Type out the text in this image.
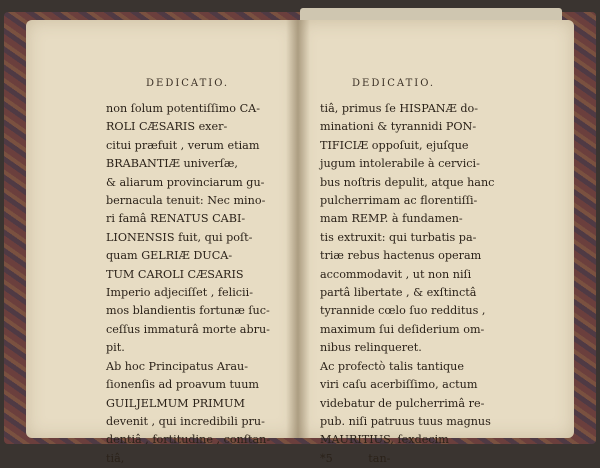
DEDICATIO.
non ſolum potentiſſimo CA-
ROLI CÆSARIS exer-
citui præfuit , verum etiam
BRABANTIÆ univerſæ,
& aliarum provinciarum gu-
bernacula tenuit: Nec mino-
ri famâ RENATUS CABI-
LIONENSIS fuit, qui poſt-
quam GELRIÆ DUCA-
TUM CAROLI CÆSARIS
Imperio adjeciſſet , felicii-
mos blandientis fortunæ ſuc-
ceſſus immaturâ morte abru-
pit.
Ab hoc Principatus Arau-
ſionenſis ad proavum tuum
GUILJELMUM PRIMUM
devenit , qui incredibili pru-
dentiâ , fortitudine , conſtan-
tiâ,
DEDICATIO.
tiâ, primus ſe HISPANÆ do-
minationi & tyrannidi PON-
TIFICIÆ oppoſuit, ejuſque
jugum intolerabile à cervici-
bus noſtris depulit, atque hanc
pulcherrimam ac florentiſſi-
mam REMP. à fundamen-
tis extruxit: qui turbatis pa-
triæ rebus hactenus operam
accommodavit , ut non niſi
partâ libertate , & exſtinctâ
tyrannide cœlo ſuo redditus ,
maximum ſui deſiderium om-
nibus relinqueret.
Ac profectò talis tantique
viri caſu acerbiſſimo, actum
videbatur de pulcherrimâ re-
pub. niſi patruus tuus magnus
MAURITIUS, ſexdecim
*5          tan-
